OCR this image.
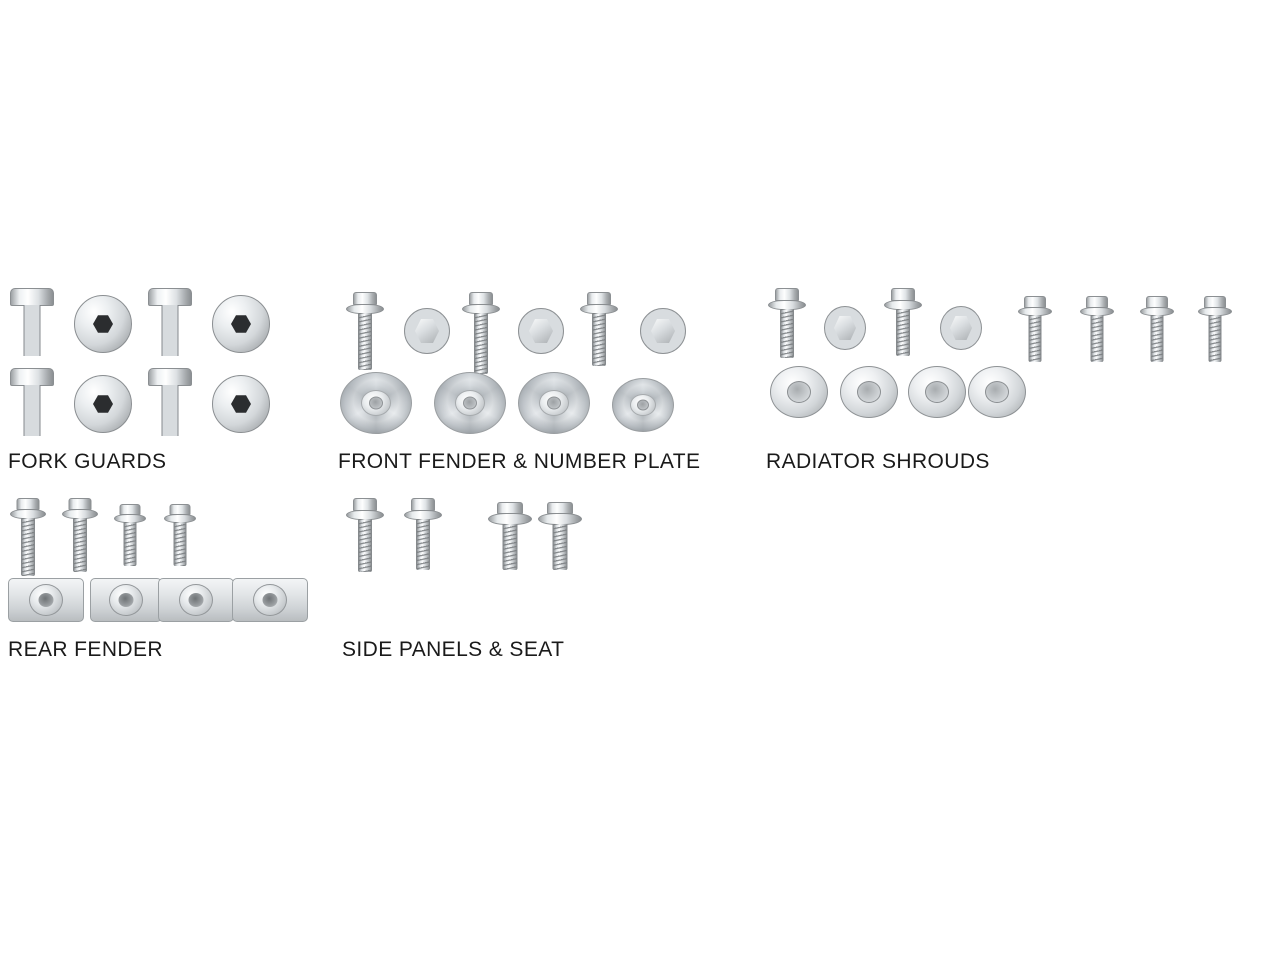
FORK GUARDS	FRONT FENDER & NUMBER PLATE	RADIATOR SHROUDS
REAR FENDER	SIDE PANELS & SEAT
